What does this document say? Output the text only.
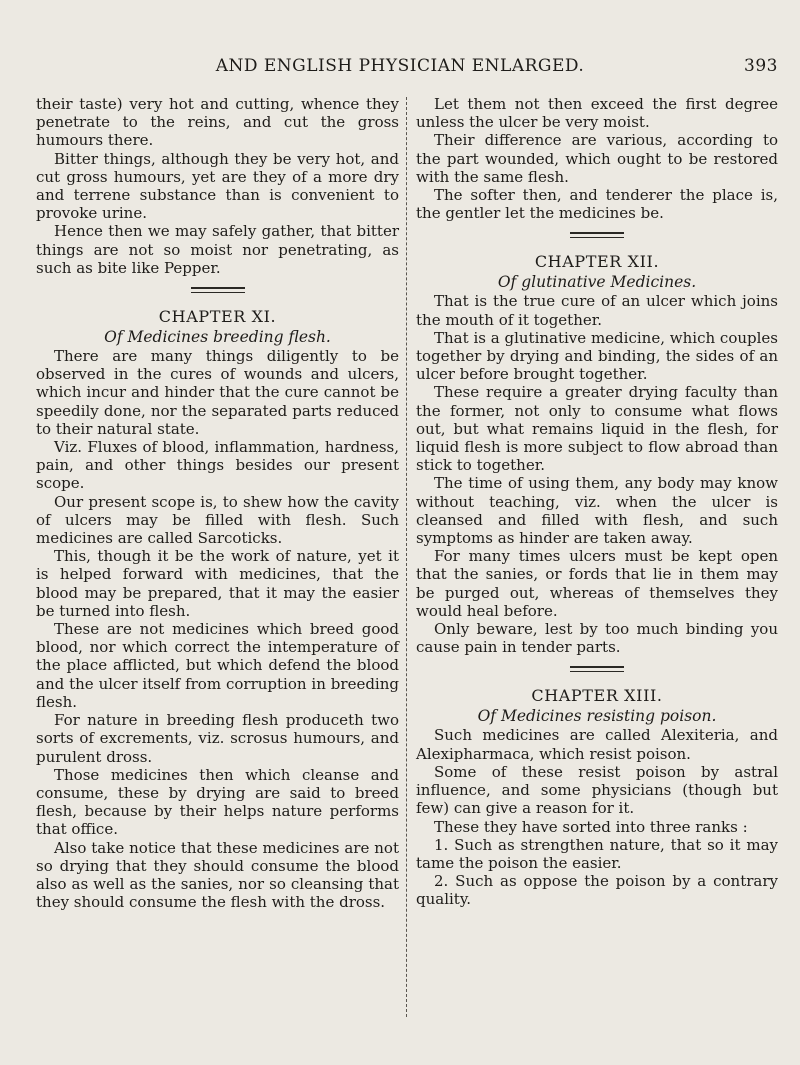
AND ENGLISH PHYSICIAN ENLARGED.	393

their taste) very hot and cutting, whence they penetrate to the reins, and cut the gross humours there.

Bitter things, although they be very hot, and cut gross humours, yet are they of a more dry and terrene substance than is convenient to provoke urine.

Hence then we may safely gather, that bitter things are not so moist nor penetrating, as such as bite like Pepper.

CHAPTER XI.
Of Medicines breeding flesh.

There are many things diligently to be observed in the cures of wounds and ulcers, which incur and hinder that the cure cannot be speedily done, nor the separated parts reduced to their natural state.

Viz. Fluxes of blood, inflammation, hardness, pain, and other things besides our present scope.

Our present scope is, to shew how the cavity of ulcers may be filled with flesh. Such medicines are called Sarcoticks.

This, though it be the work of nature, yet it is helped forward with medicines, that the blood may be prepared, that it may the easier be turned into flesh.

These are not medicines which breed good blood, nor which correct the intemperature of the place afflicted, but which defend the blood and the ulcer itself from corruption in breeding flesh.

For nature in breeding flesh produceth two sorts of excrements, viz. scrosus humours, and purulent dross.

Those medicines then which cleanse and consume, these by drying are said to breed flesh, because by their helps nature performs that office.

Also take notice that these medicines are not so drying that they should consume the blood also as well as the sanies, nor so cleansing that they should consume the flesh with the dross.

Let them not then exceed the first degree unless the ulcer be very moist.

Their difference are various, according to the part wounded, which ought to be restored with the same flesh.

The softer then, and tenderer the place is, the gentler let the medicines be.

CHAPTER XII.
Of glutinative Medicines.

That is the true cure of an ulcer which joins the mouth of it together.

That is a glutinative medicine, which couples together by drying and binding, the sides of an ulcer before brought together.

These require a greater drying faculty than the former, not only to consume what flows out, but what remains liquid in the flesh, for liquid flesh is more subject to flow abroad than stick to together.

The time of using them, any body may know without teaching, viz. when the ulcer is cleansed and filled with flesh, and such symptoms as hinder are taken away.

For many times ulcers must be kept open that the sanies, or fords that lie in them may be purged out, whereas of themselves they would heal before.

Only beware, lest by too much binding you cause pain in tender parts.

CHAPTER XIII.
Of Medicines resisting poison.

Such medicines are called Alexiteria, and Alexipharmaca, which resist poison.

Some of these resist poison by astral influence, and some physicians (though but few) can give a reason for it.

These they have sorted into three ranks :

1. Such as strengthen nature, that so it may tame the poison the easier.

2. Such as oppose the poison by a contrary quality.
